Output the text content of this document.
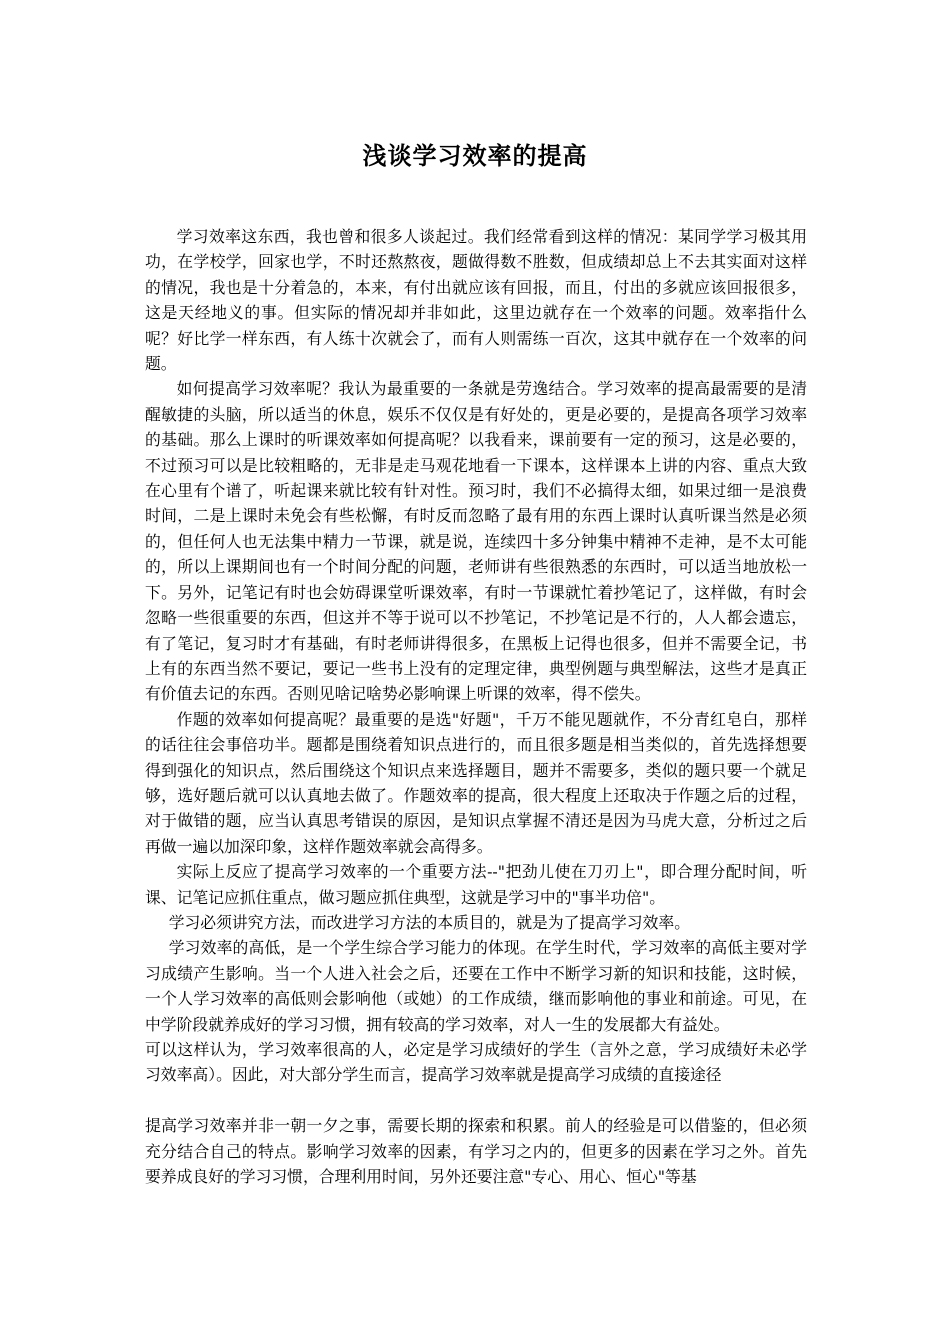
浅谈学习效率的提高

学习效率这东西，我也曾和很多人谈起过。我们经常看到这样的情况：某同学学习极其用功，在学校学，回家也学，不时还熬熬夜，题做得数不胜数，但成绩却总上不去其实面对这样的情况，我也是十分着急的，本来，有付出就应该有回报，而且，付出的多就应该回报很多，这是天经地义的事。但实际的情况却并非如此，这里边就存在一个效率的问题。效率指什么呢？好比学一样东西，有人练十次就会了，而有人则需练一百次，这其中就存在一个效率的问题。

如何提高学习效率呢？我认为最重要的一条就是劳逸结合。学习效率的提高最需要的是清醒敏捷的头脑，所以适当的休息，娱乐不仅仅是有好处的，更是必要的，是提高各项学习效率的基础。那么上课时的听课效率如何提高呢？以我看来，课前要有一定的预习，这是必要的，不过预习可以是比较粗略的，无非是走马观花地看一下课本，这样课本上讲的内容、重点大致在心里有个谱了，听起课来就比较有针对性。预习时，我们不必搞得太细，如果过细一是浪费时间，二是上课时未免会有些松懈，有时反而忽略了最有用的东西上课时认真听课当然是必须的，但任何人也无法集中精力一节课，就是说，连续四十多分钟集中精神不走神，是不太可能的，所以上课期间也有一个时间分配的问题，老师讲有些很熟悉的东西时，可以适当地放松一下。另外，记笔记有时也会妨碍课堂听课效率，有时一节课就忙着抄笔记了，这样做，有时会忽略一些很重要的东西，但这并不等于说可以不抄笔记，不抄笔记是不行的，人人都会遗忘，有了笔记，复习时才有基础，有时老师讲得很多，在黑板上记得也很多，但并不需要全记，书上有的东西当然不要记，要记一些书上没有的定理定律，典型例题与典型解法，这些才是真正有价值去记的东西。否则见啥记啥势必影响课上听课的效率，得不偿失。

作题的效率如何提高呢？最重要的是选"好题"，千万不能见题就作，不分青红皂白，那样的话往往会事倍功半。题都是围绕着知识点进行的，而且很多题是相当类似的，首先选择想要得到强化的知识点，然后围绕这个知识点来选择题目，题并不需要多，类似的题只要一个就足够，选好题后就可以认真地去做了。作题效率的提高，很大程度上还取决于作题之后的过程，对于做错的题，应当认真思考错误的原因，是知识点掌握不清还是因为马虎大意，分析过之后再做一遍以加深印象，这样作题效率就会高得多。

实际上反应了提高学习效率的一个重要方法--"把劲儿使在刀刃上"，即合理分配时间，听课、记笔记应抓住重点，做习题应抓住典型，这就是学习中的"事半功倍"。

学习必须讲究方法，而改进学习方法的本质目的，就是为了提高学习效率。

学习效率的高低，是一个学生综合学习能力的体现。在学生时代，学习效率的高低主要对学习成绩产生影响。当一个人进入社会之后，还要在工作中不断学习新的知识和技能，这时候，一个人学习效率的高低则会影响他（或她）的工作成绩，继而影响他的事业和前途。可见，在中学阶段就养成好的学习习惯，拥有较高的学习效率，对人一生的发展都大有益处。

可以这样认为，学习效率很高的人，必定是学习成绩好的学生（言外之意，学习成绩好未必学习效率高）。因此，对大部分学生而言，提高学习效率就是提高学习成绩的直接途径

提高学习效率并非一朝一夕之事，需要长期的探索和积累。前人的经验是可以借鉴的，但必须充分结合自己的特点。影响学习效率的因素，有学习之内的，但更多的因素在学习之外。首先要养成良好的学习习惯，合理利用时间，另外还要注意"专心、用心、恒心"等基
